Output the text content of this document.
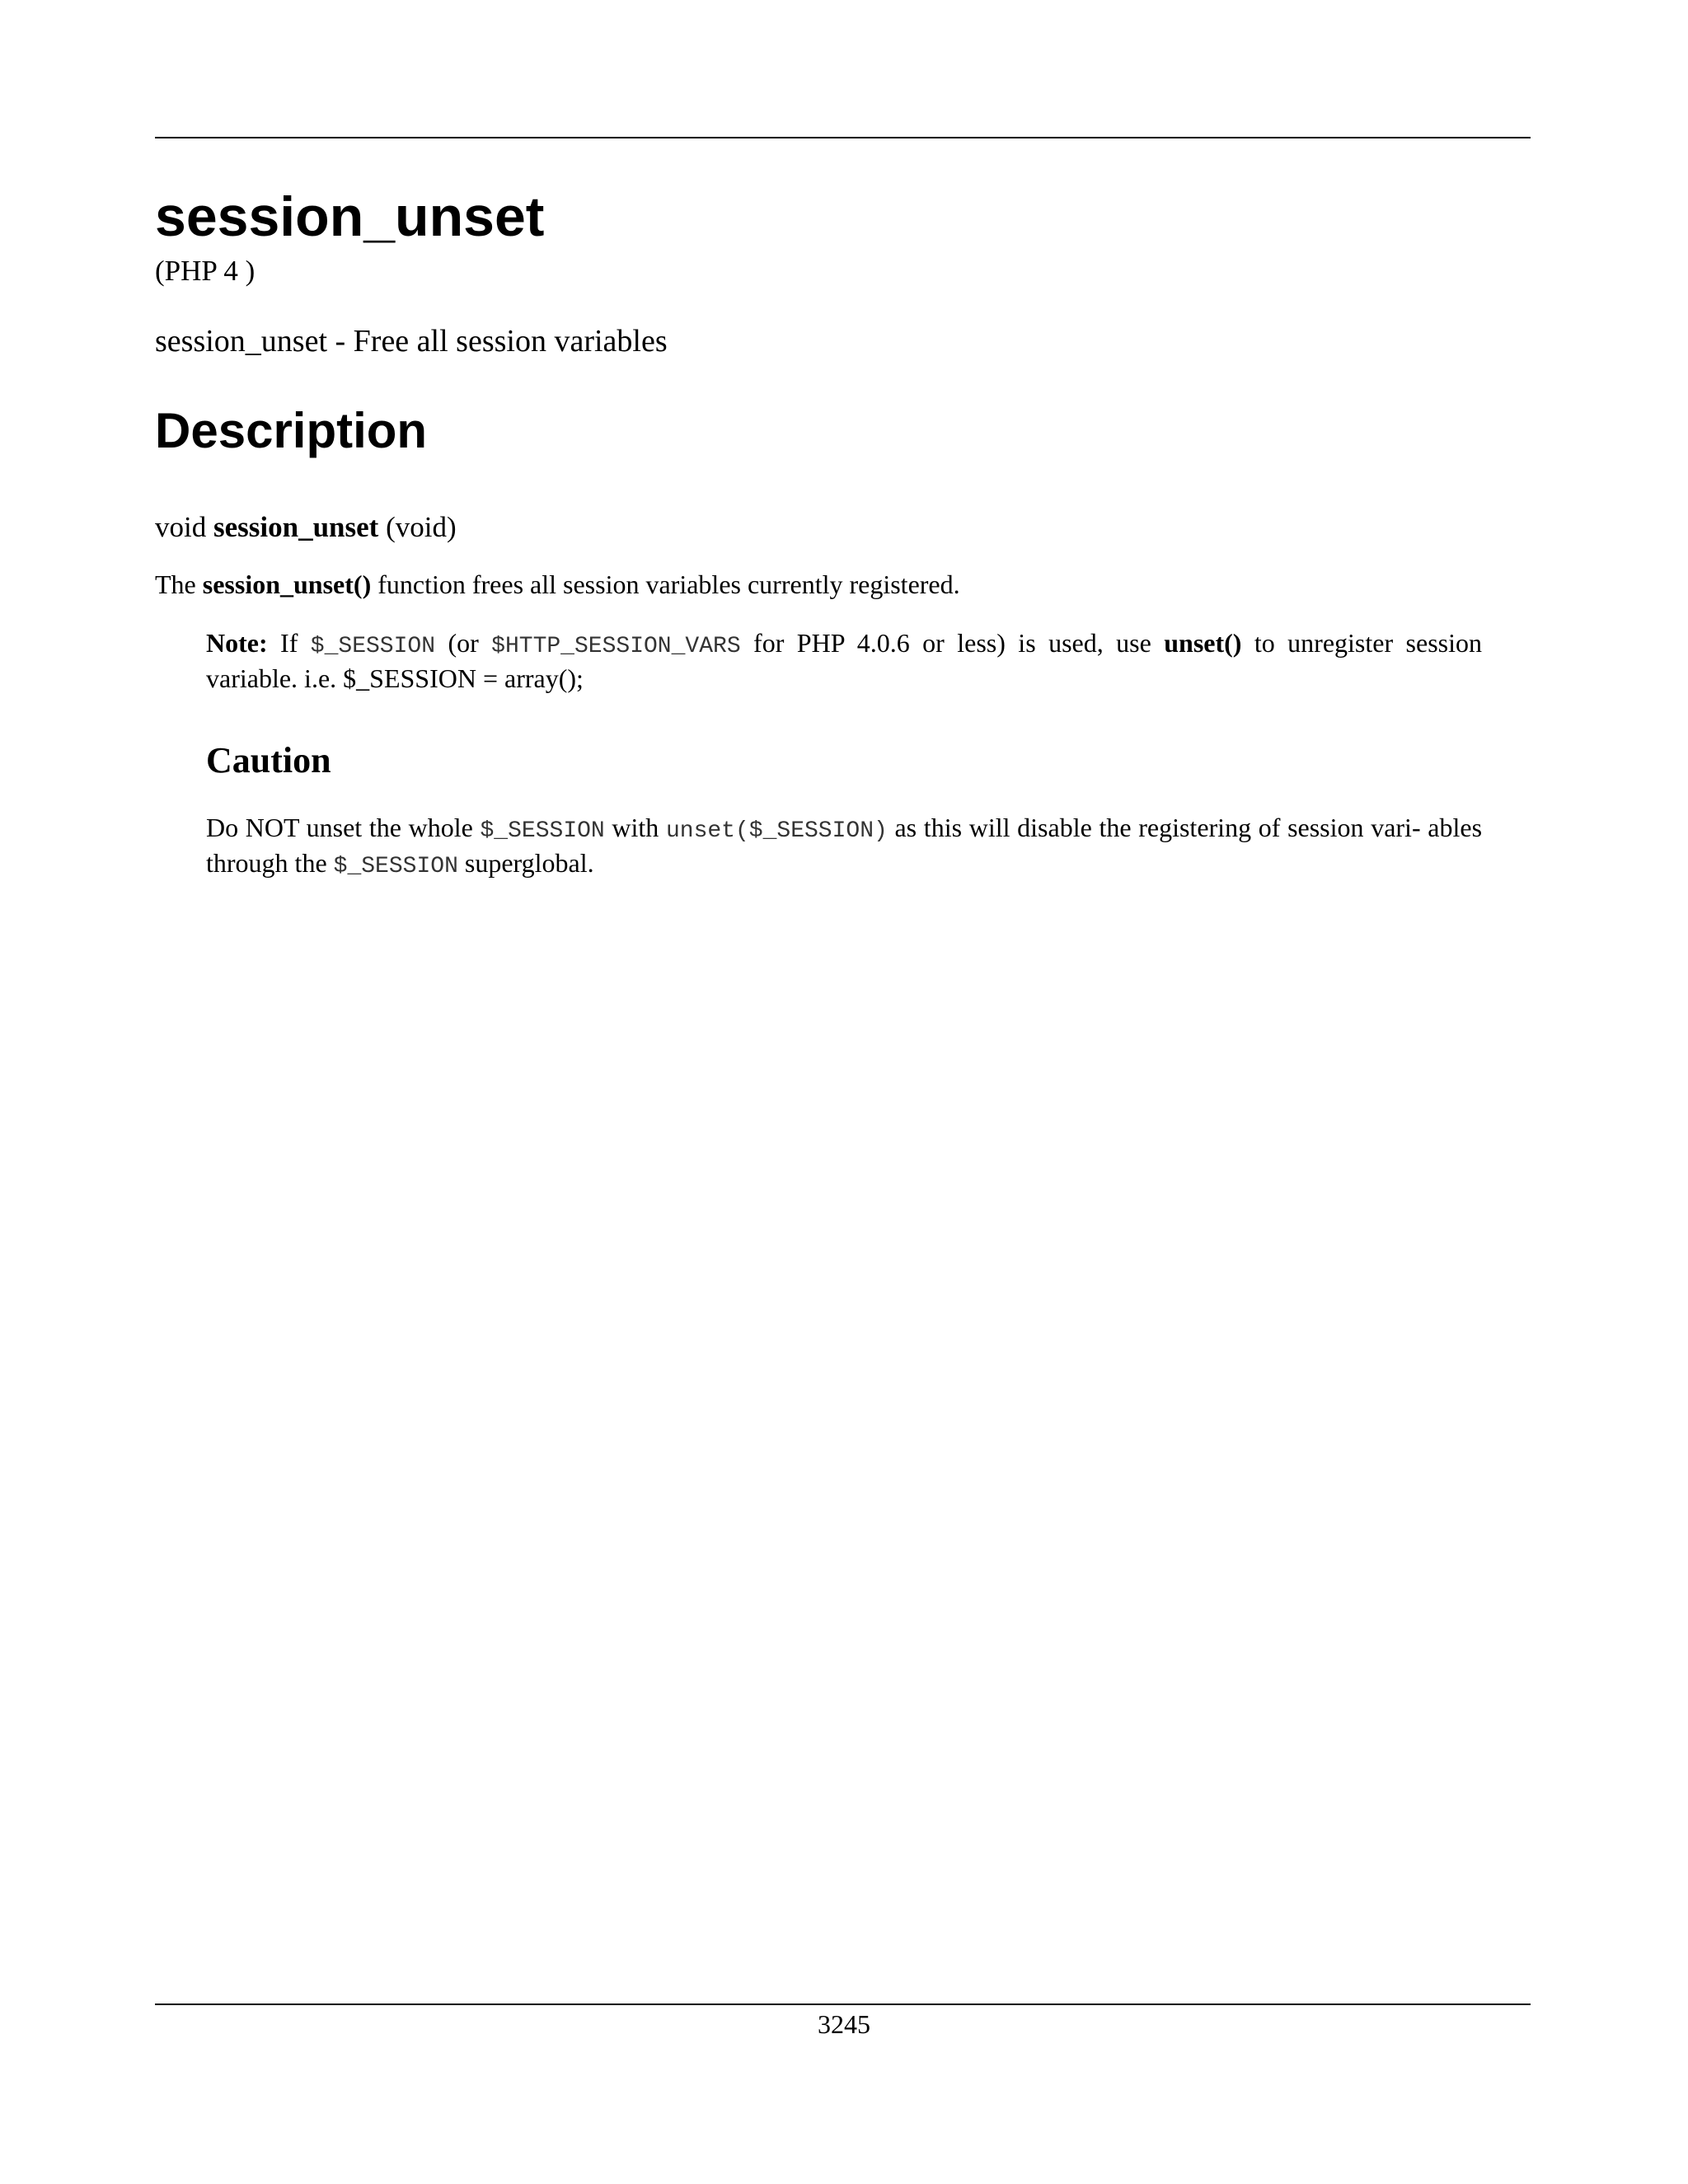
session_unset
(PHP 4 )
session_unset - Free all session variables
Description
void session_unset (void)
The session_unset() function frees all session variables currently registered.
Note: If $_SESSION (or $HTTP_SESSION_VARS for PHP 4.0.6 or less) is used, use unset() to unregister session variable. i.e. $_SESSION = array();
Caution
Do NOT unset the whole $_SESSION with unset($_SESSION) as this will disable the registering of session vari- ables through the $_SESSION superglobal.
3245
